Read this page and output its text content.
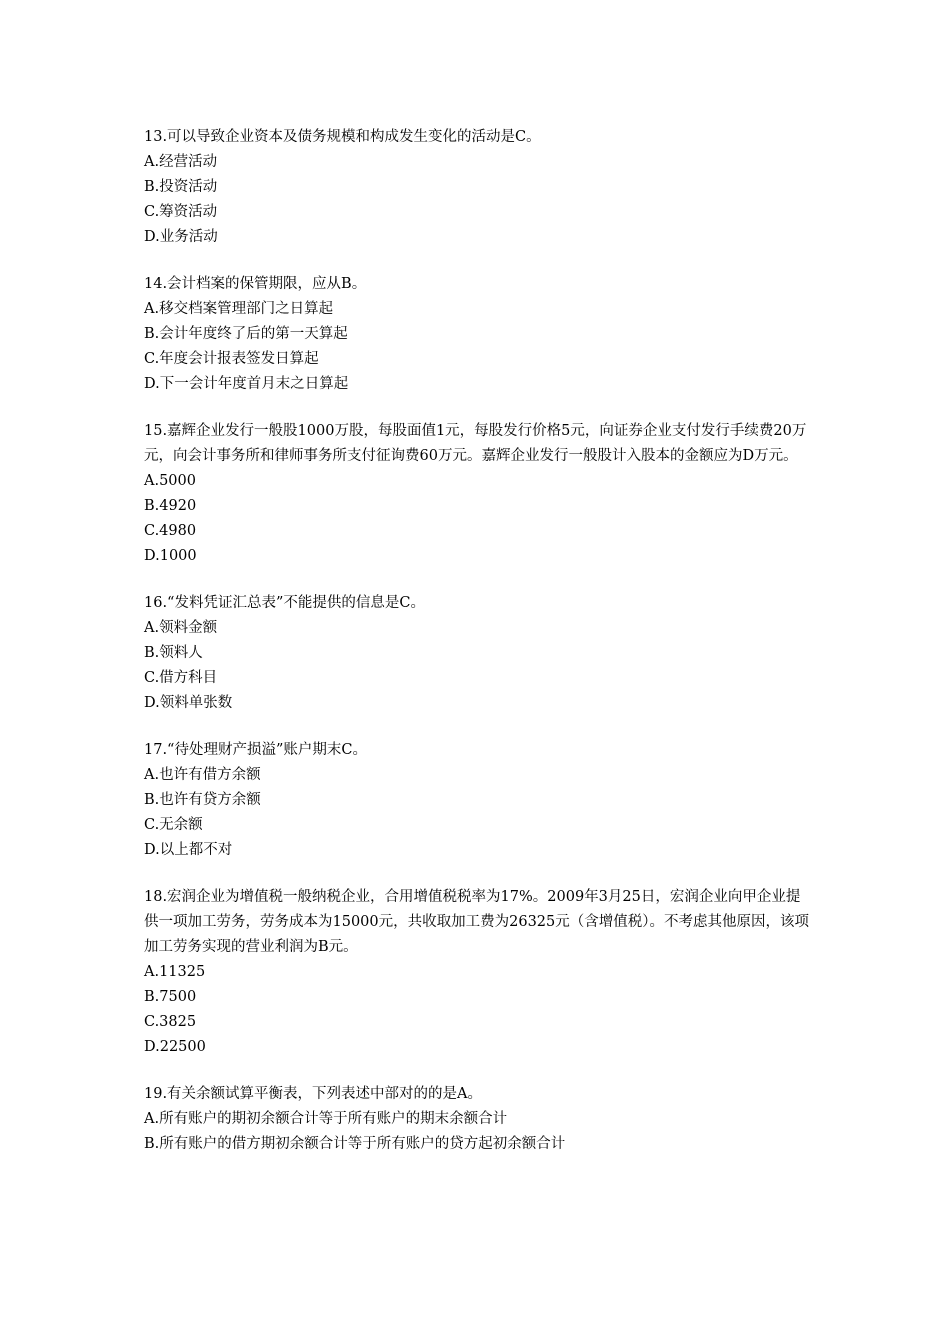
13.可以导致企业资本及债务规模和构成发生变化的活动是C。

A.经营活动

B.投资活动

C.筹资活动

D.业务活动

14.会计档案的保管期限，应从B。

A.移交档案管理部门之日算起

B.会计年度终了后的第一天算起

C.年度会计报表签发日算起

D.下一会计年度首月末之日算起

15.嘉辉企业发行一般股1000万股，每股面值1元，每股发行价格5元，向证券企业支付发行手续费20万元，向会计事务所和律师事务所支付征询费60万元。嘉辉企业发行一般股计入股本的金额应为D万元。

A.5000

B.4920

C.4980

D.1000

16.“发料凭证汇总表”不能提供的信息是C。

A.领料金额

B.领料人

C.借方科目

D.领料单张数

17.“待处理财产损溢”账户期末C。

A.也许有借方余额

B.也许有贷方余额

C.无余额

D.以上都不对

18.宏润企业为增值税一般纳税企业，合用增值税税率为17%。2009年3月25日，宏润企业向甲企业提供一项加工劳务，劳务成本为15000元，共收取加工费为26325元（含增值税）。不考虑其他原因，该项加工劳务实现的营业利润为B元。

A.11325

B.7500

C.3825

D.22500

19.有关余额试算平衡表，下列表述中部对的的是A。

A.所有账户的期初余额合计等于所有账户的期末余额合计

B.所有账户的借方期初余额合计等于所有账户的贷方起初余额合计
